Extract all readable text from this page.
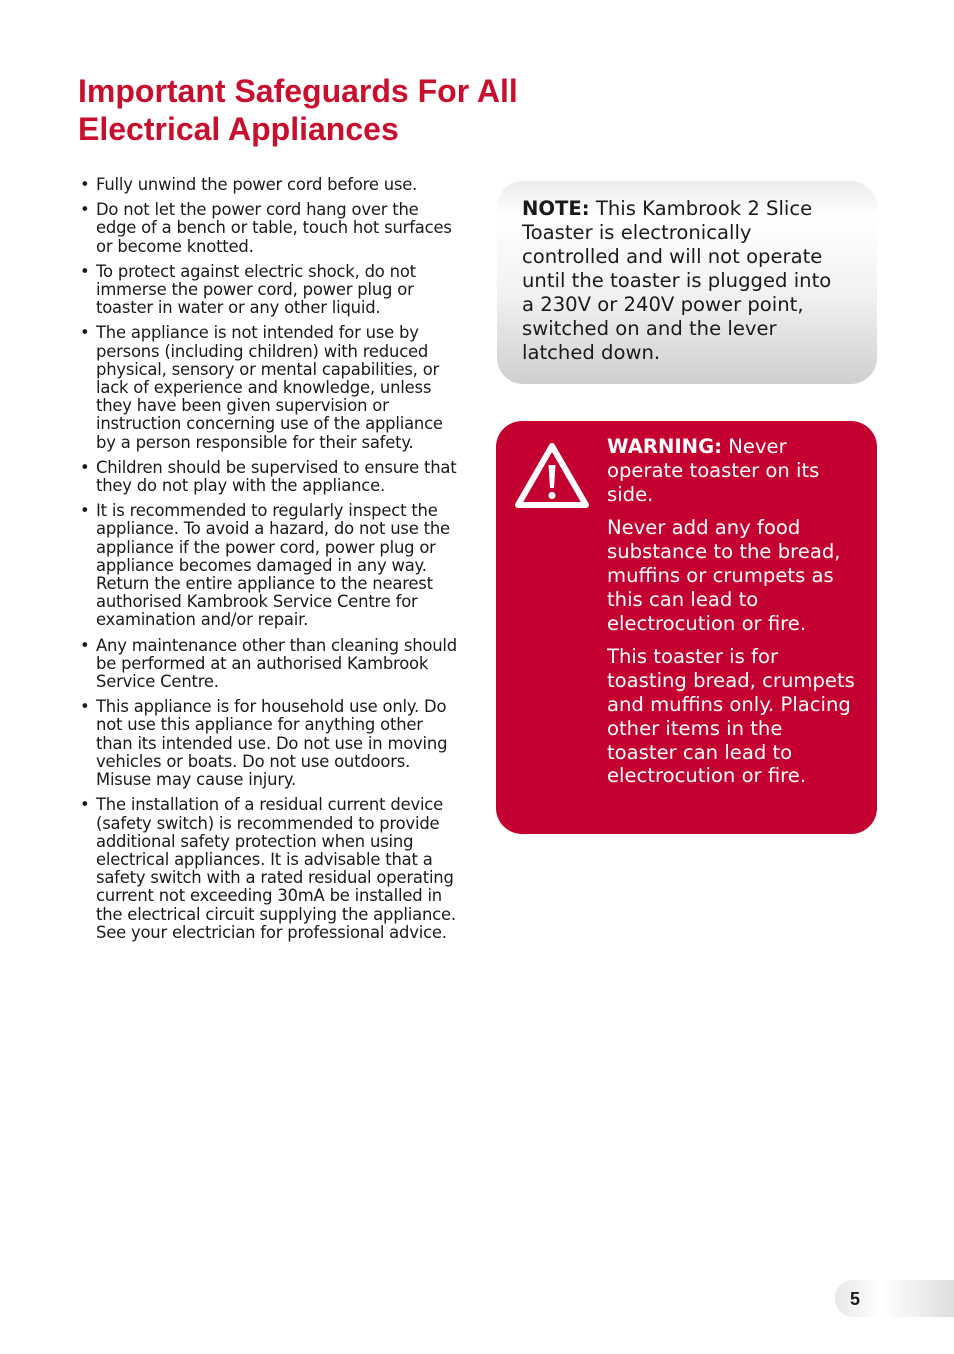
Important Safeguards For All
Electrical Appliances
• Fully unwind the power cord before use.
• Do not let the power cord hang over the edge of a bench or table, touch hot surfaces or become knotted.
• To protect against electric shock, do not immerse the power cord, power plug or toaster in water or any other liquid.
• The appliance is not intended for use by persons (including children) with reduced physical, sensory or mental capabilities, or lack of experience and knowledge, unless they have been given supervision or instruction concerning use of the appliance by a person responsible for their safety.
• Children should be supervised to ensure that they do not play with the appliance.
• It is recommended to regularly inspect the appliance. To avoid a hazard, do not use the appliance if the power cord, power plug or appliance becomes damaged in any way. Return the entire appliance to the nearest authorised Kambrook Service Centre for examination and/or repair.
• Any maintenance other than cleaning should be performed at an authorised Kambrook Service Centre.
• This appliance is for household use only. Do not use this appliance for anything other than its intended use. Do not use in moving vehicles or boats. Do not use outdoors. Misuse may cause injury.
• The installation of a residual current device (safety switch) is recommended to provide additional safety protection when using electrical appliances. It is advisable that a safety switch with a rated residual operating current not exceeding 30mA be installed in the electrical circuit supplying the appliance. See your electrician for professional advice.

NOTE: This Kambrook 2 Slice Toaster is electronically controlled and will not operate until the toaster is plugged into a 230V or 240V power point, switched on and the lever latched down.

WARNING: Never operate toaster on its side.

Never add any food substance to the bread, muffins or crumpets as this can lead to electrocution or fire.

This toaster is for toasting bread, crumpets and muffins only. Placing other items in the toaster can lead to electrocution or fire.

5
